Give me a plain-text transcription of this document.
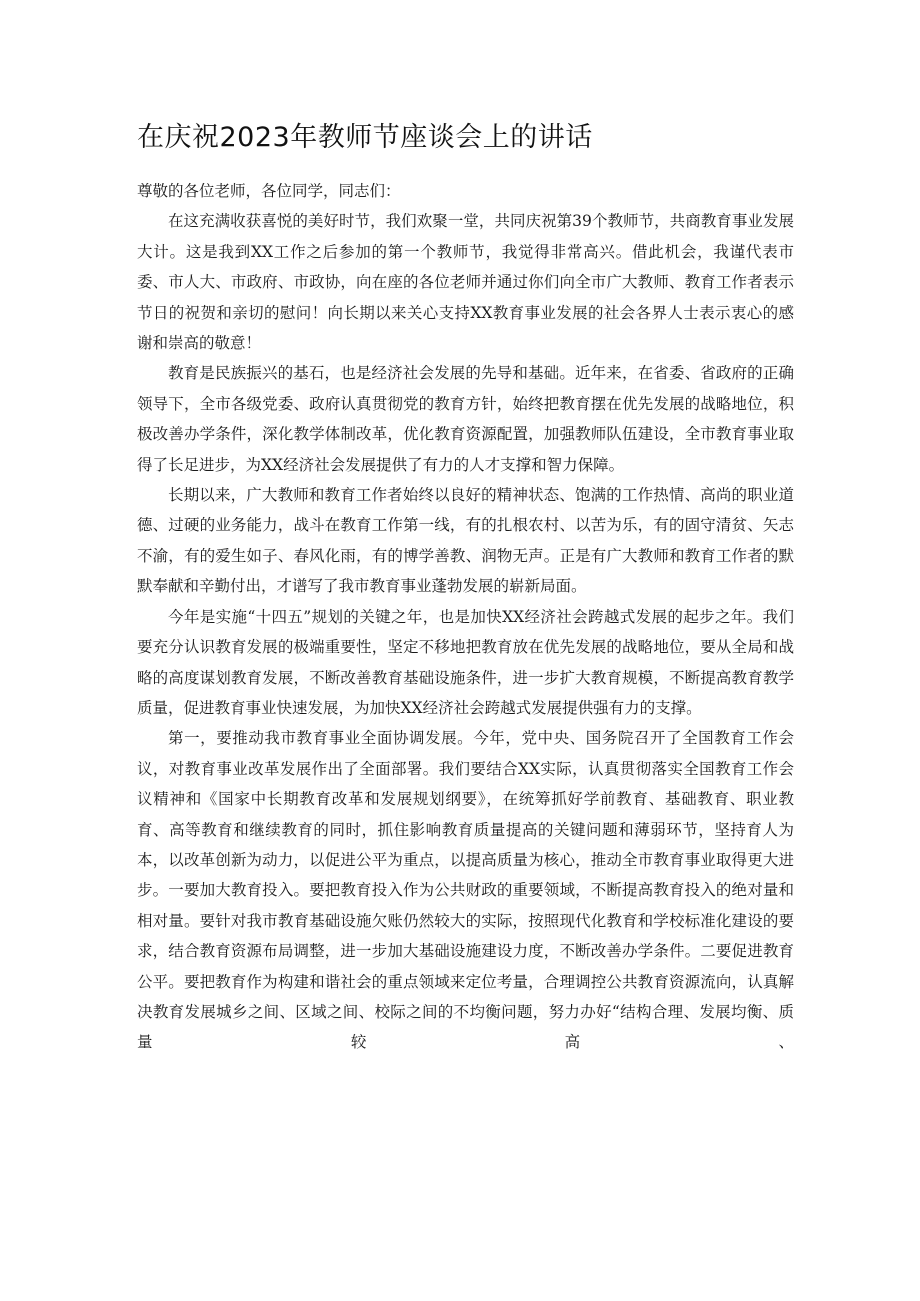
在庆祝2023年教师节座谈会上的讲话

尊敬的各位老师，各位同学，同志们：

在这充满收获喜悦的美好时节，我们欢聚一堂，共同庆祝第39个教师节，共商教育事业发展大计。这是我到XX工作之后参加的第一个教师节，我觉得非常高兴。借此机会，我谨代表市委、市人大、市政府、市政协，向在座的各位老师并通过你们向全市广大教师、教育工作者表示节日的祝贺和亲切的慰问！向长期以来关心支持XX教育事业发展的社会各界人士表示衷心的感谢和崇高的敬意！

教育是民族振兴的基石，也是经济社会发展的先导和基础。近年来，在省委、省政府的正确领导下，全市各级党委、政府认真贯彻党的教育方针，始终把教育摆在优先发展的战略地位，积极改善办学条件，深化教学体制改革，优化教育资源配置，加强教师队伍建设，全市教育事业取得了长足进步，为XX经济社会发展提供了有力的人才支撑和智力保障。

长期以来，广大教师和教育工作者始终以良好的精神状态、饱满的工作热情、高尚的职业道德、过硬的业务能力，战斗在教育工作第一线，有的扎根农村、以苦为乐，有的固守清贫、矢志不渝，有的爱生如子、春风化雨，有的博学善教、润物无声。正是有广大教师和教育工作者的默默奉献和辛勤付出，才谱写了我市教育事业蓬勃发展的崭新局面。

今年是实施“十四五”规划的关键之年，也是加快XX经济社会跨越式发展的起步之年。我们要充分认识教育发展的极端重要性，坚定不移地把教育放在优先发展的战略地位，要从全局和战略的高度谋划教育发展，不断改善教育基础设施条件，进一步扩大教育规模，不断提高教育教学质量，促进教育事业快速发展，为加快XX经济社会跨越式发展提供强有力的支撑。

第一，要推动我市教育事业全面协调发展。今年，党中央、国务院召开了全国教育工作会议，对教育事业改革发展作出了全面部署。我们要结合XX实际，认真贯彻落实全国教育工作会议精神和《国家中长期教育改革和发展规划纲要》，在统筹抓好学前教育、基础教育、职业教育、高等教育和继续教育的同时，抓住影响教育质量提高的关键问题和薄弱环节，坚持育人为本，以改革创新为动力，以促进公平为重点，以提高质量为核心，推动全市教育事业取得更大进步。一要加大教育投入。要把教育投入作为公共财政的重要领域，不断提高教育投入的绝对量和相对量。要针对我市教育基础设施欠账仍然较大的实际，按照现代化教育和学校标准化建设的要求，结合教育资源布局调整，进一步加大基础设施建设力度，不断改善办学条件。二要促进教育公平。要把教育作为构建和谐社会的重点领域来定位考量，合理调控公共教育资源流向，认真解决教育发展城乡之间、区域之间、校际之间的不均衡问题，努力办好“结构合理、发展均衡、质量较高、
